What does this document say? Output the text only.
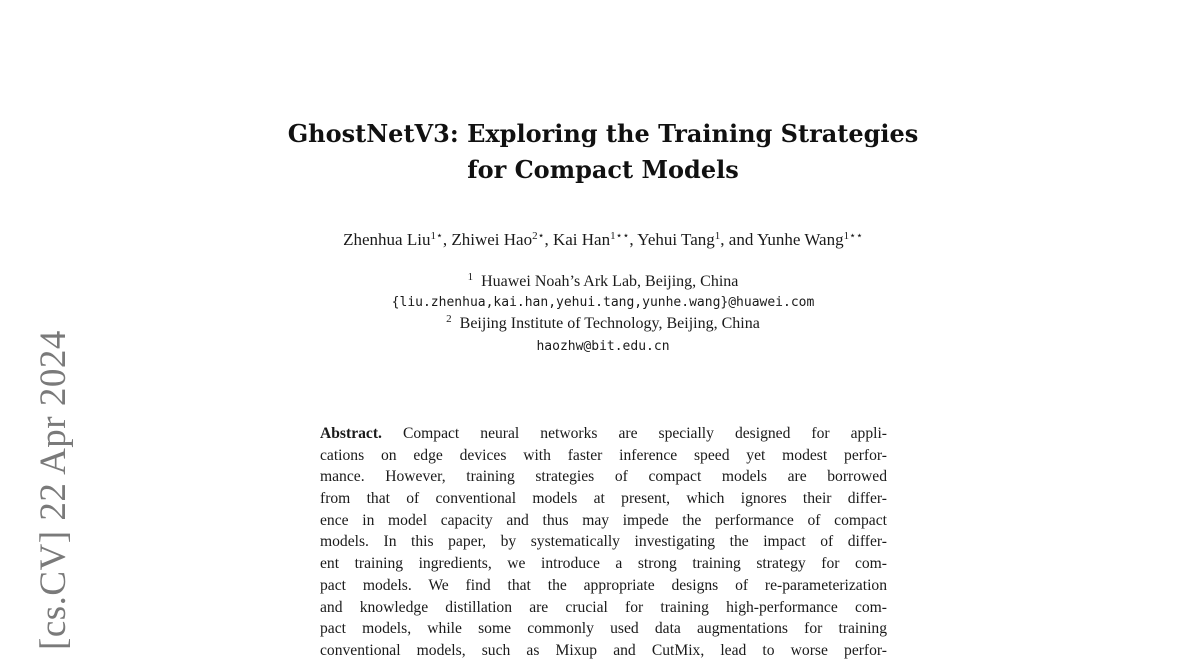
[cs.CV] 22 Apr 2024
GhostNetV3: Exploring the Training Strategies
for Compact Models
Zhenhua Liu$^{1⋆}$, Zhiwei Hao$^{2⋆}$, Kai Han$^{1⋆⋆}$, Yehui Tang$^1$, and Yunhe Wang$^{1⋆⋆}$
$^1$ Huawei Noah’s Ark Lab, Beijing, China
{liu.zhenhua,kai.han,yehui.tang,yunhe.wang}@huawei.com
$^2$ Beijing Institute of Technology, Beijing, China
haozhw@bit.edu.cn
Abstract. Compact neural networks are specially designed for appli-
cations on edge devices with faster inference speed yet modest perfor-
mance. However, training strategies of compact models are borrowed
from that of conventional models at present, which ignores their differ-
ence in model capacity and thus may impede the performance of compact
models. In this paper, by systematically investigating the impact of differ-
ent training ingredients, we introduce a strong training strategy for com-
pact models. We find that the appropriate designs of re-parameterization
and knowledge distillation are crucial for training high-performance com-
pact models, while some commonly used data augmentations for training
conventional models, such as Mixup and CutMix, lead to worse perfor-
